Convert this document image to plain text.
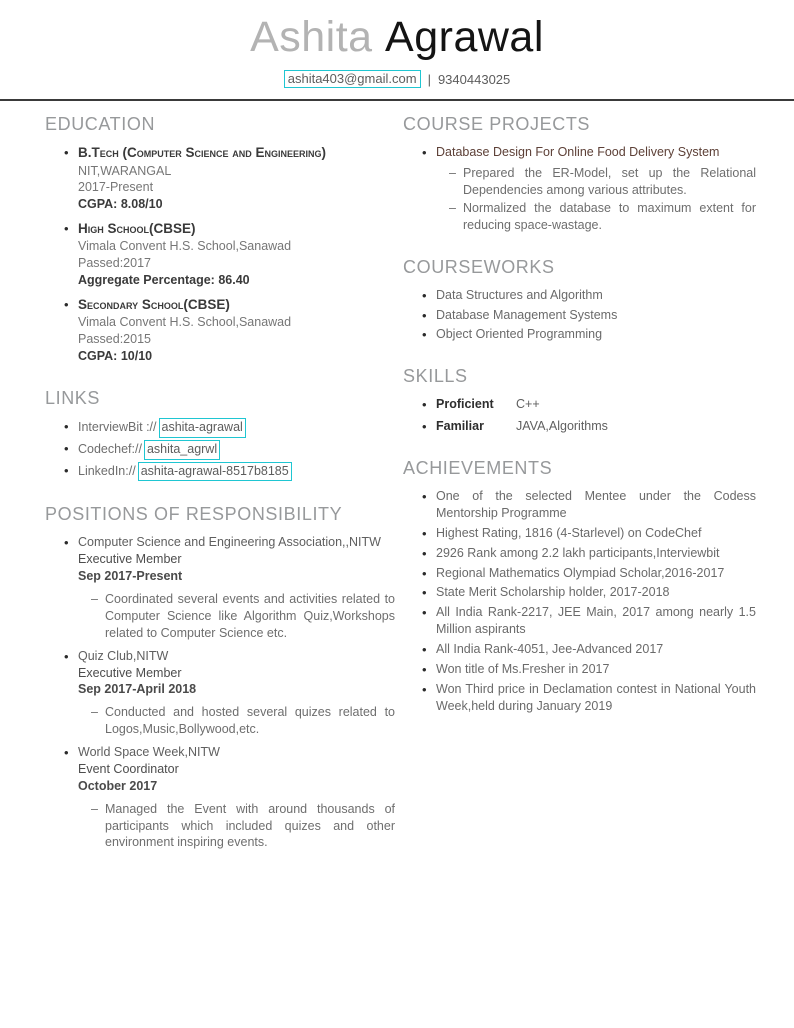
Ashita Agrawal
ashita403@gmail.com | 9340443025
EDUCATION
• B.Tech (Computer Science and Engineering)
NIT,WARANGAL
2017-Present
CGPA: 8.08/10
• High School(CBSE)
Vimala Convent H.S. School,Sanawad
Passed:2017
Aggregate Percentage: 86.40
• Secondary School(CBSE)
Vimala Convent H.S. School,Sanawad
Passed:2015
CGPA: 10/10
LINKS
• InterviewBit :// ashita-agrawal
• Codechef:// ashita_agrwl
• LinkedIn:// ashita-agrawal-8517b8185
POSITIONS OF RESPONSIBILITY
• Computer Science and Engineering Association,,NITW
Executive Member
Sep 2017-Present
– Coordinated several events and activities related to Computer Science like Algorithm Quiz,Workshops related to Computer Science etc.
• Quiz Club,NITW
Executive Member
Sep 2017-April 2018
– Conducted and hosted several quizes related to Logos,Music,Bollywood,etc.
• World Space Week,NITW
Event Coordinator
October 2017
– Managed the Event with around thousands of participants which included quizes and other environment inspiring events.
COURSE PROJECTS
• Database Design For Online Food Delivery System
– Prepared the ER-Model, set up the Relational Dependencies among various attributes.
– Normalized the database to maximum extent for reducing space-wastage.
COURSEWORKS
• Data Structures and Algorithm
• Database Management Systems
• Object Oriented Programming
SKILLS
• Proficient C++
• Familiar	JAVA,Algorithms
ACHIEVEMENTS
• One of the selected Mentee under the Codess Mentorship Programme
• Highest Rating, 1816 (4-Starlevel) on CodeChef
• 2926 Rank among 2.2 lakh participants,Interviewbit
• Regional Mathematics Olympiad Scholar,2016-2017
• State Merit Scholarship holder, 2017-2018
• All India Rank-2217, JEE Main, 2017 among nearly 1.5 Million aspirants
• All India Rank-4051, Jee-Advanced 2017
• Won title of Ms.Fresher in 2017
• Won Third price in Declamation contest in National Youth Week,held during January 2019
